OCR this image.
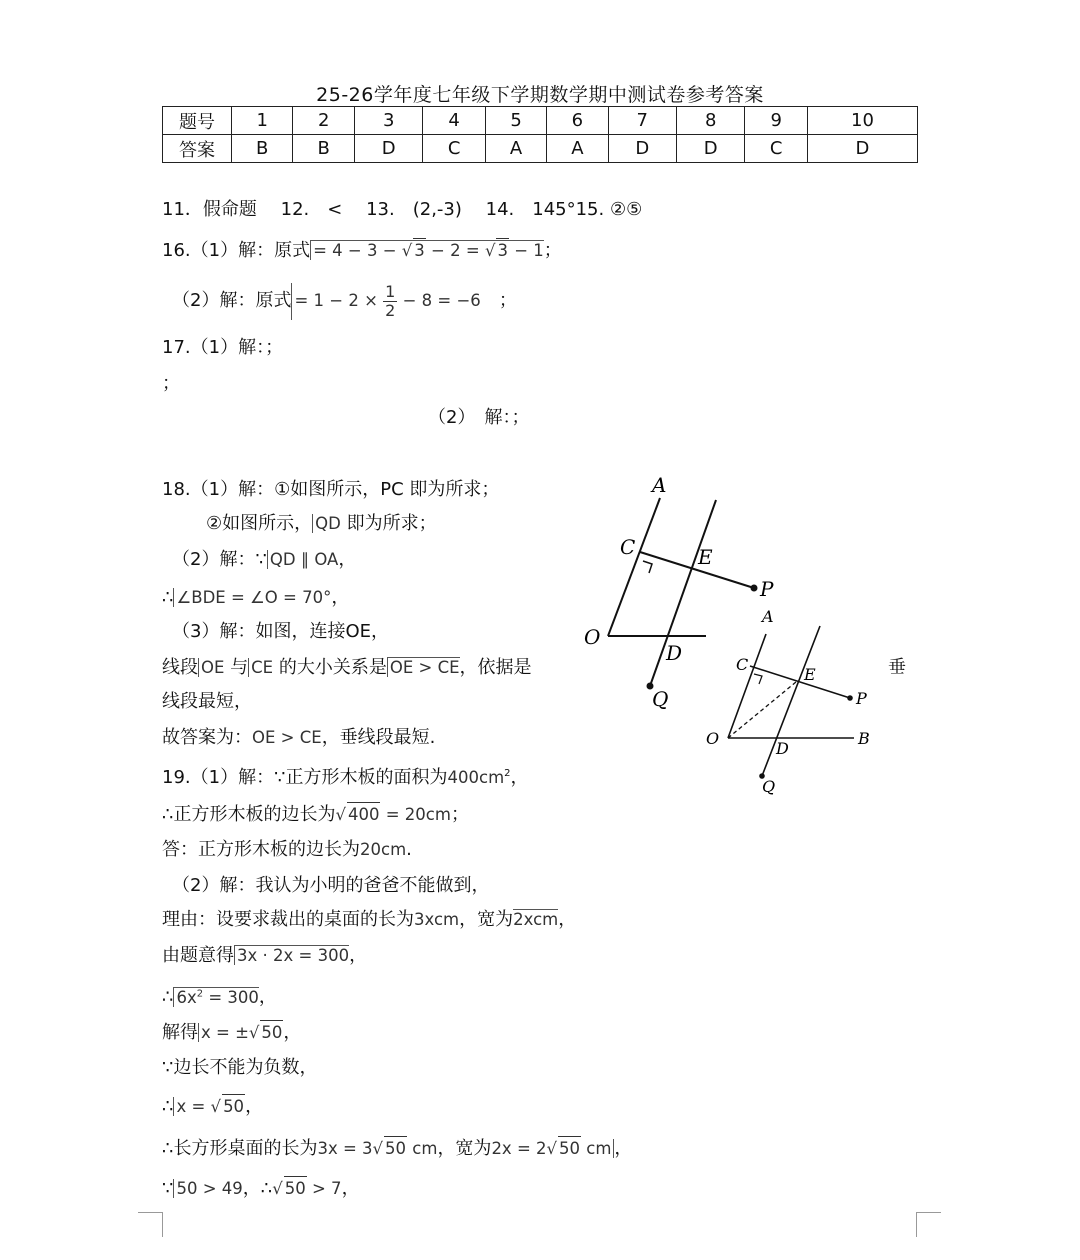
25-26学年度七年级下学期数学期中测试卷参考答案
题号	1	2	3	4	5	6	7	8	9	10
答案	B	B	D	C	A	A	D	D	C	D
11．假命题　 12.　<　 13.　(2,-3)　 14.　145°15. ②⑤
16.（1）解：原式 = 4 − 3 − √ 3 − 2 = √ 3 − 1；
（2）解：原式 = $1 - 2 \times \frac{1}{2} - 8 = -6$　 ；
17.（1）解：；
；
（2）　解：；
18.（1）解：①如图所示，PC 即为所求；
②如图所示， QD 即为所求；
（2）解：∵ QD ∥ OA，
∴ ∠BDE = ∠O = 70°，
（3）解：如图，连接OE，
线段 OE 与 CE 的大小关系是 OE > CE，依据是	垂
线段最短，
故答案为：OE > CE，垂线段最短.
19.（1）解：∵正方形木板的面积为$400cm^2$，
∴正方形木板的边长为√ 400 = 20cm；
答：正方形木板的边长为20cm.
（2）解：我认为小明的爸爸不能做到，
理由：设要求裁出的桌面的长为3xcm，宽为2xcm，
由题意得 3x · 2x = 300，
∴ $6x^2 = 300$，
解得 x = ±√ 50，
∵边长不能为负数，
∴ x = √ 50，
∴长方形桌面的长为3x = 3√ 50 cm，宽为2x = 2√ 50 cm ，
∵ 50 > 49，∴√ 50 > 7，
A
C	E
P
O
D
Q
A
C
E
P
O
D
B
Q
